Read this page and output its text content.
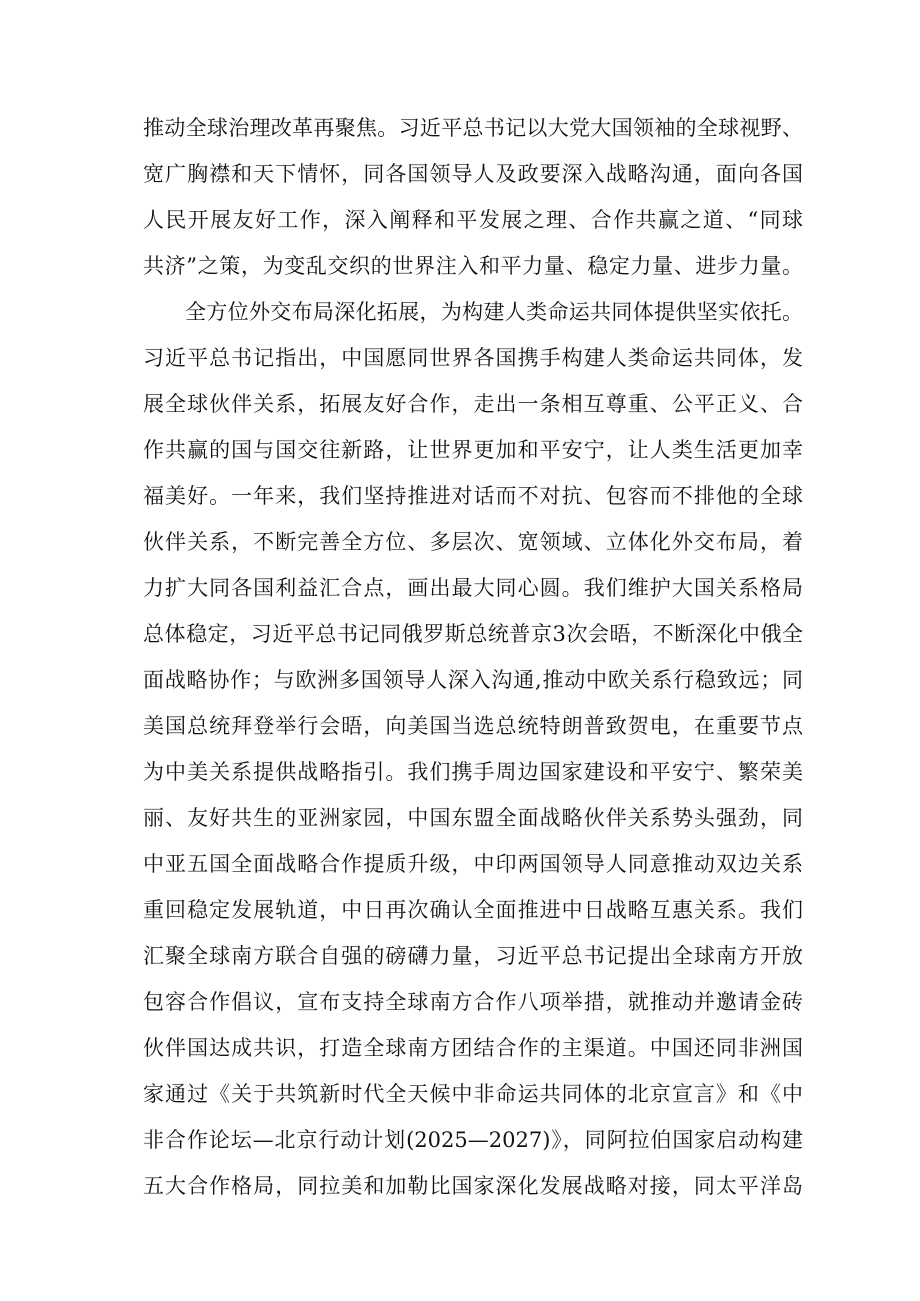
推动全球治理改革再聚焦。习近平总书记以大党大国领袖的全球视野、
宽广胸襟和天下情怀，同各国领导人及政要深入战略沟通，面向各国
人民开展友好工作，深入阐释和平发展之理、合作共赢之道、“同球
共济”之策，为变乱交织的世界注入和平力量、稳定力量、进步力量。
全方位外交布局深化拓展，为构建人类命运共同体提供坚实依托。
习近平总书记指出，中国愿同世界各国携手构建人类命运共同体，发
展全球伙伴关系，拓展友好合作，走出一条相互尊重、公平正义、合
作共赢的国与国交往新路，让世界更加和平安宁，让人类生活更加幸
福美好。一年来，我们坚持推进对话而不对抗、包容而不排他的全球
伙伴关系，不断完善全方位、多层次、宽领域、立体化外交布局，着
力扩大同各国利益汇合点，画出最大同心圆。我们维护大国关系格局
总体稳定，习近平总书记同俄罗斯总统普京3次会晤，不断深化中俄全
面战略协作；与欧洲多国领导人深入沟通,推动中欧关系行稳致远；同
美国总统拜登举行会晤，向美国当选总统特朗普致贺电，在重要节点
为中美关系提供战略指引。我们携手周边国家建设和平安宁、繁荣美
丽、友好共生的亚洲家园，中国东盟全面战略伙伴关系势头强劲，同
中亚五国全面战略合作提质升级，中印两国领导人同意推动双边关系
重回稳定发展轨道，中日再次确认全面推进中日战略互惠关系。我们
汇聚全球南方联合自强的磅礴力量，习近平总书记提出全球南方开放
包容合作倡议，宣布支持全球南方合作八项举措，就推动并邀请金砖
伙伴国达成共识，打造全球南方团结合作的主渠道。中国还同非洲国
家通过《关于共筑新时代全天候中非命运共同体的北京宣言》和《中
非合作论坛—北京行动计划(2025—2027)》，同阿拉伯国家启动构建
五大合作格局，同拉美和加勒比国家深化发展战略对接，同太平洋岛
